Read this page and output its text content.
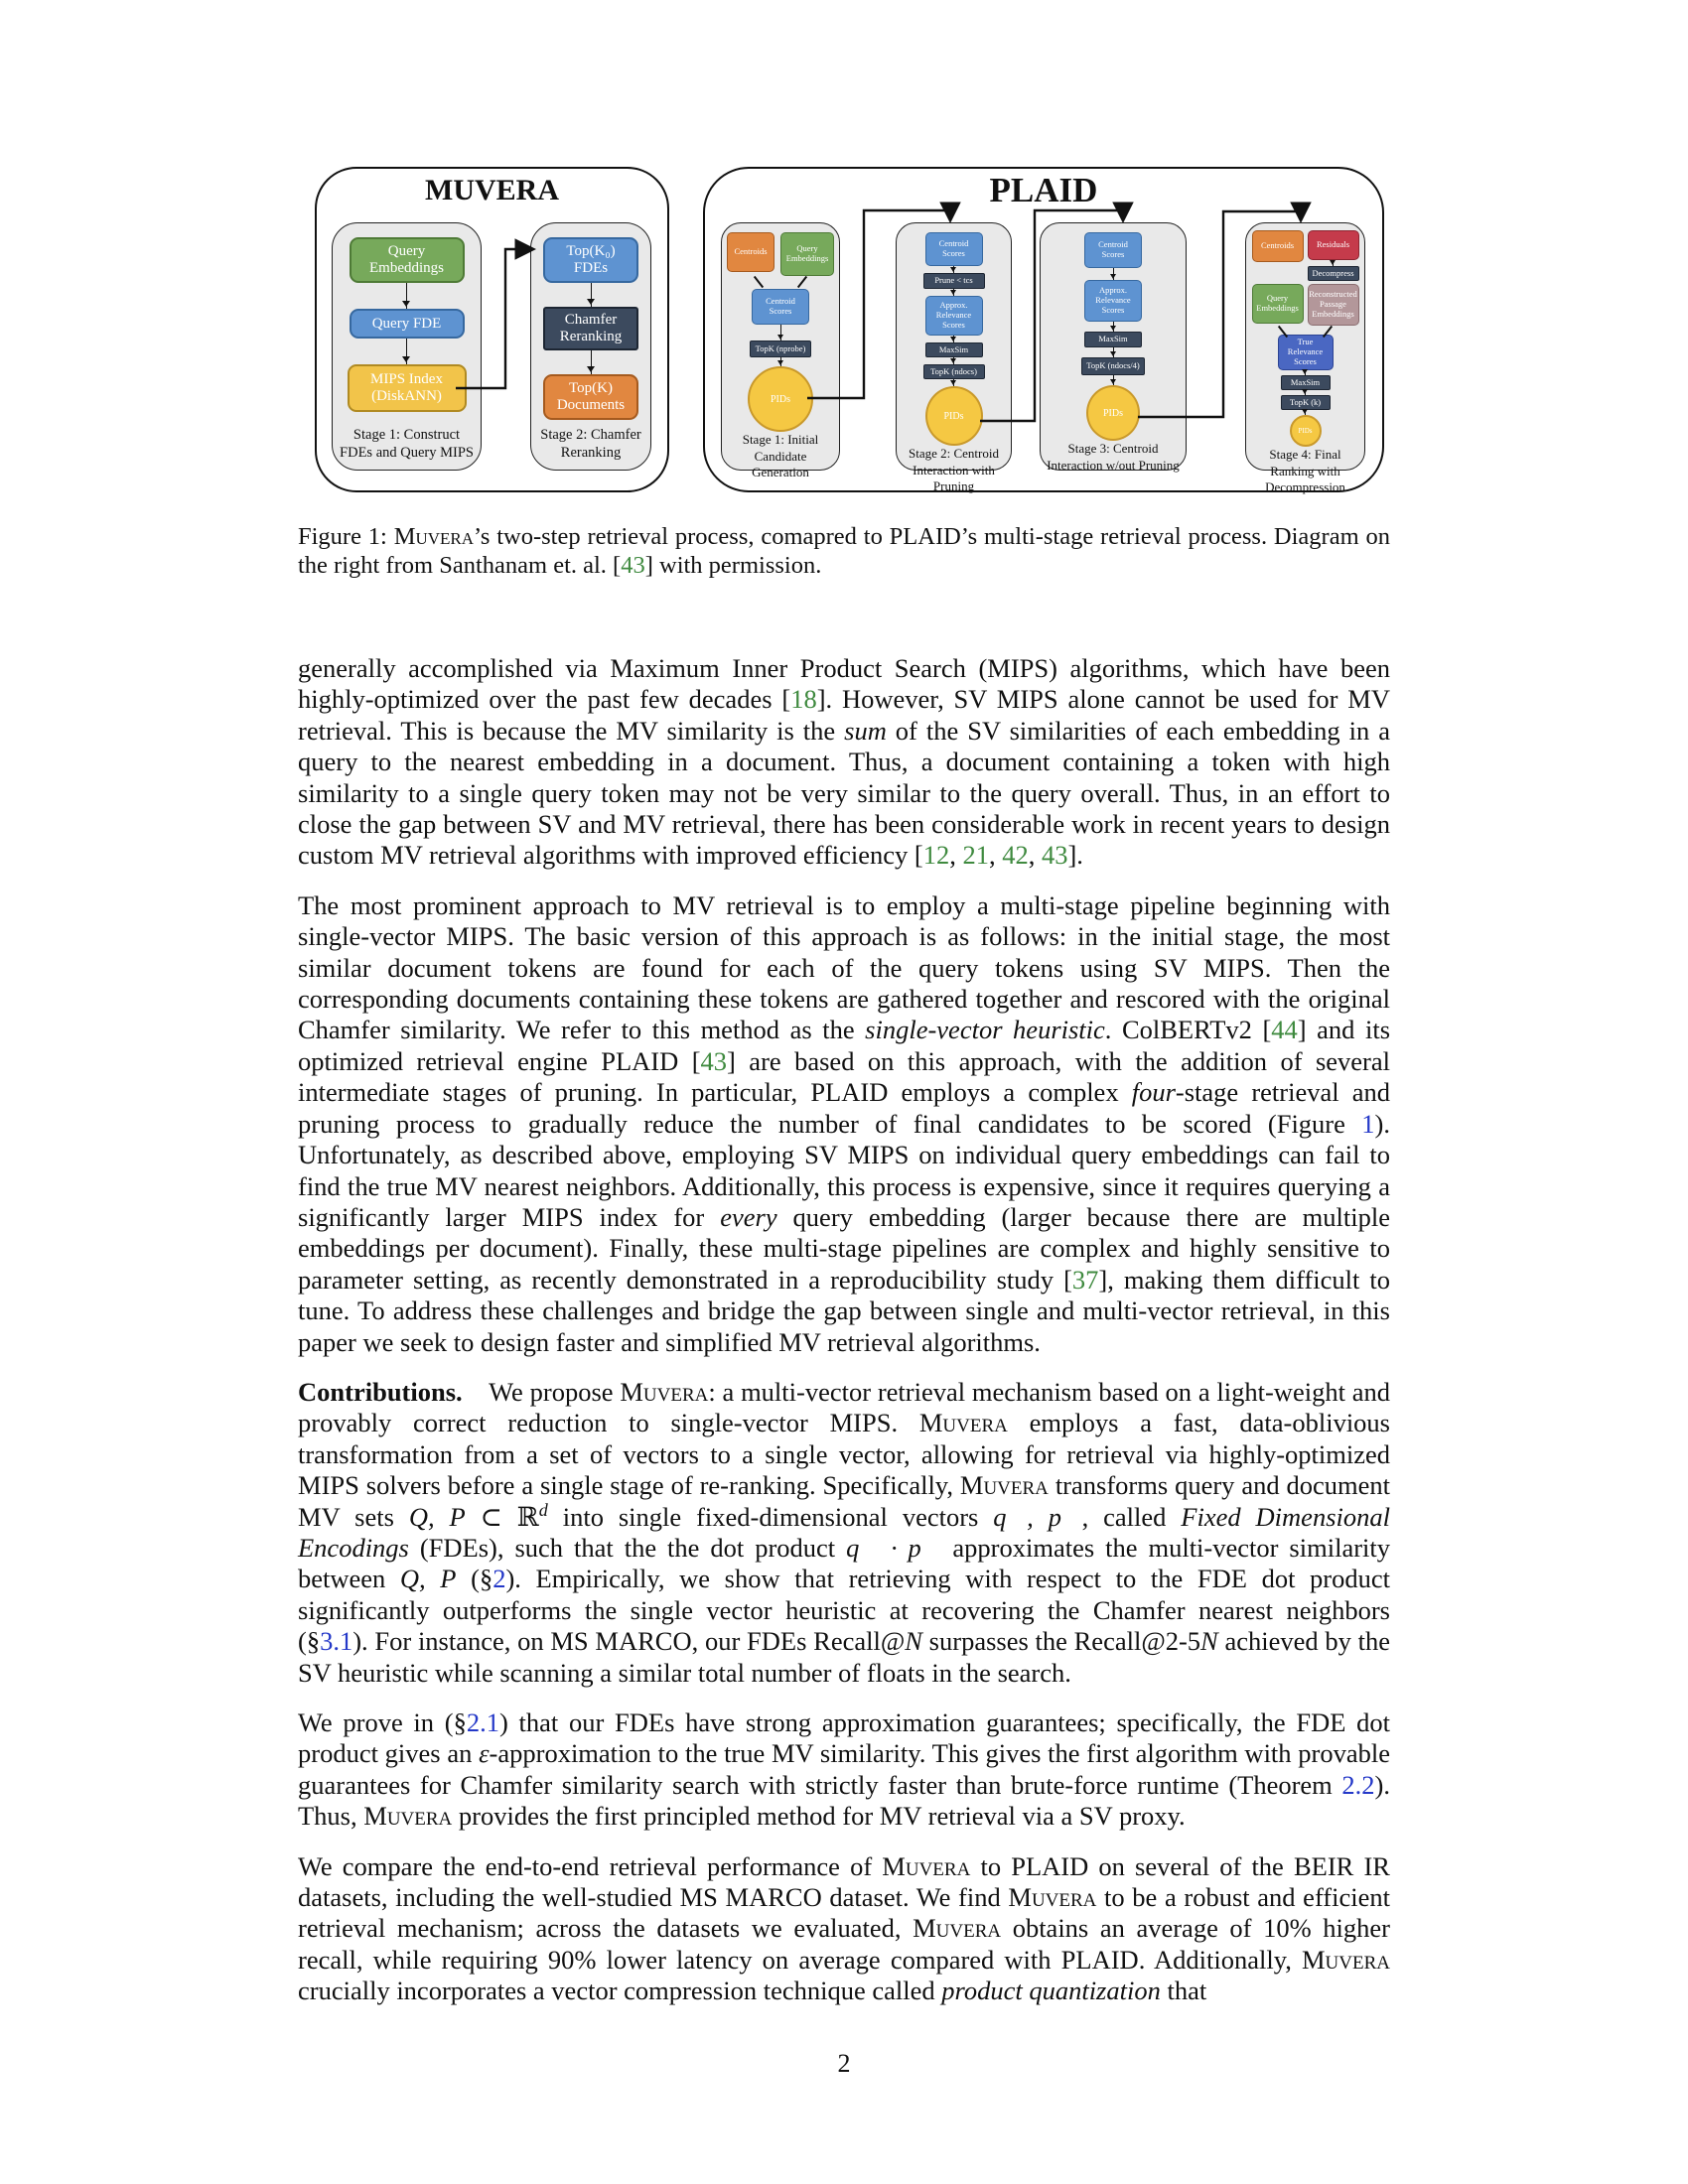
MUVERA
Query Embeddings
Query FDE
MIPS Index (DiskANN)
Stage 1: Construct FDEs and Query MIPS
Top(K₀) FDEs
Chamfer Reranking
Top(K) Documents
Stage 2: Chamfer Reranking
PLAID
Centroids	Query Embeddings
Centroid Scores
TopK (nprobe)
PIDs
Stage 1: Initial Candidate Generation
Centroid Scores
Prune < tcs
Approx. Relevance Scores
MaxSim
TopK (ndocs)
PIDs
Stage 2: Centroid Interaction with Pruning
Centroid Scores
Approx. Relevance Scores
MaxSim
TopK (ndocs/4)
PIDs
Stage 3: Centroid Interaction w/out Pruning
Centroids	Residuals
Decompress
Query Embeddings
Reconstructed Passage Embeddings
True Relevance Scores
MaxSim
TopK (k)
PIDs
Stage 4: Final Ranking with Decompression
Figure 1: Muvera’s two-step retrieval process, comapred to PLAID’s multi-stage retrieval process. Diagram on the right from Santhanam et. al. [43] with permission.

generally accomplished via Maximum Inner Product Search (MIPS) algorithms, which have been highly-optimized over the past few decades [18]. However, SV MIPS alone cannot be used for MV retrieval. This is because the MV similarity is the sum of the SV similarities of each embedding in a query to the nearest embedding in a document. Thus, a document containing a token with high similarity to a single query token may not be very similar to the query overall. Thus, in an effort to close the gap between SV and MV retrieval, there has been considerable work in recent years to design custom MV retrieval algorithms with improved efficiency [12, 21, 42, 43].

The most prominent approach to MV retrieval is to employ a multi-stage pipeline beginning with single-vector MIPS. The basic version of this approach is as follows: in the initial stage, the most similar document tokens are found for each of the query tokens using SV MIPS. Then the corresponding documents containing these tokens are gathered together and rescored with the original Chamfer similarity. We refer to this method as the single-vector heuristic. ColBERTv2 [44] and its optimized retrieval engine PLAID [43] are based on this approach, with the addition of several intermediate stages of pruning. In particular, PLAID employs a complex four-stage retrieval and pruning process to gradually reduce the number of final candidates to be scored (Figure 1). Unfortunately, as described above, employing SV MIPS on individual query embeddings can fail to find the true MV nearest neighbors. Additionally, this process is expensive, since it requires querying a significantly larger MIPS index for every query embedding (larger because there are multiple embeddings per document). Finally, these multi-stage pipelines are complex and highly sensitive to parameter setting, as recently demonstrated in a reproducibility study [37], making them difficult to tune. To address these challenges and bridge the gap between single and multi-vector retrieval, in this paper we seek to design faster and simplified MV retrieval algorithms.

Contributions. We propose Muvera: a multi-vector retrieval mechanism based on a light-weight and provably correct reduction to single-vector MIPS. Muvera employs a fast, data-oblivious transformation from a set of vectors to a single vector, allowing for retrieval via highly-optimized MIPS solvers before a single stage of re-ranking. Specifically, Muvera transforms query and document MV sets Q, P ⊂ ℝ$^d$ into single fixed-dimensional vectors q⃗, p⃗, called Fixed Dimensional Encodings (FDEs), such that the the dot product q⃗ · p⃗ approximates the multi-vector similarity between Q, P (§2). Empirically, we show that retrieving with respect to the FDE dot product significantly outperforms the single vector heuristic at recovering the Chamfer nearest neighbors (§3.1). For instance, on MS MARCO, our FDEs Recall@N surpasses the Recall@2-5N achieved by the SV heuristic while scanning a similar total number of floats in the search.

We prove in (§2.1) that our FDEs have strong approximation guarantees; specifically, the FDE dot product gives an ε-approximation to the true MV similarity. This gives the first algorithm with provable guarantees for Chamfer similarity search with strictly faster than brute-force runtime (Theorem 2.2). Thus, Muvera provides the first principled method for MV retrieval via a SV proxy.

We compare the end-to-end retrieval performance of Muvera to PLAID on several of the BEIR IR datasets, including the well-studied MS MARCO dataset. We find Muvera to be a robust and efficient retrieval mechanism; across the datasets we evaluated, Muvera obtains an average of 10% higher recall, while requiring 90% lower latency on average compared with PLAID. Additionally, Muvera crucially incorporates a vector compression technique called product quantization that

2
